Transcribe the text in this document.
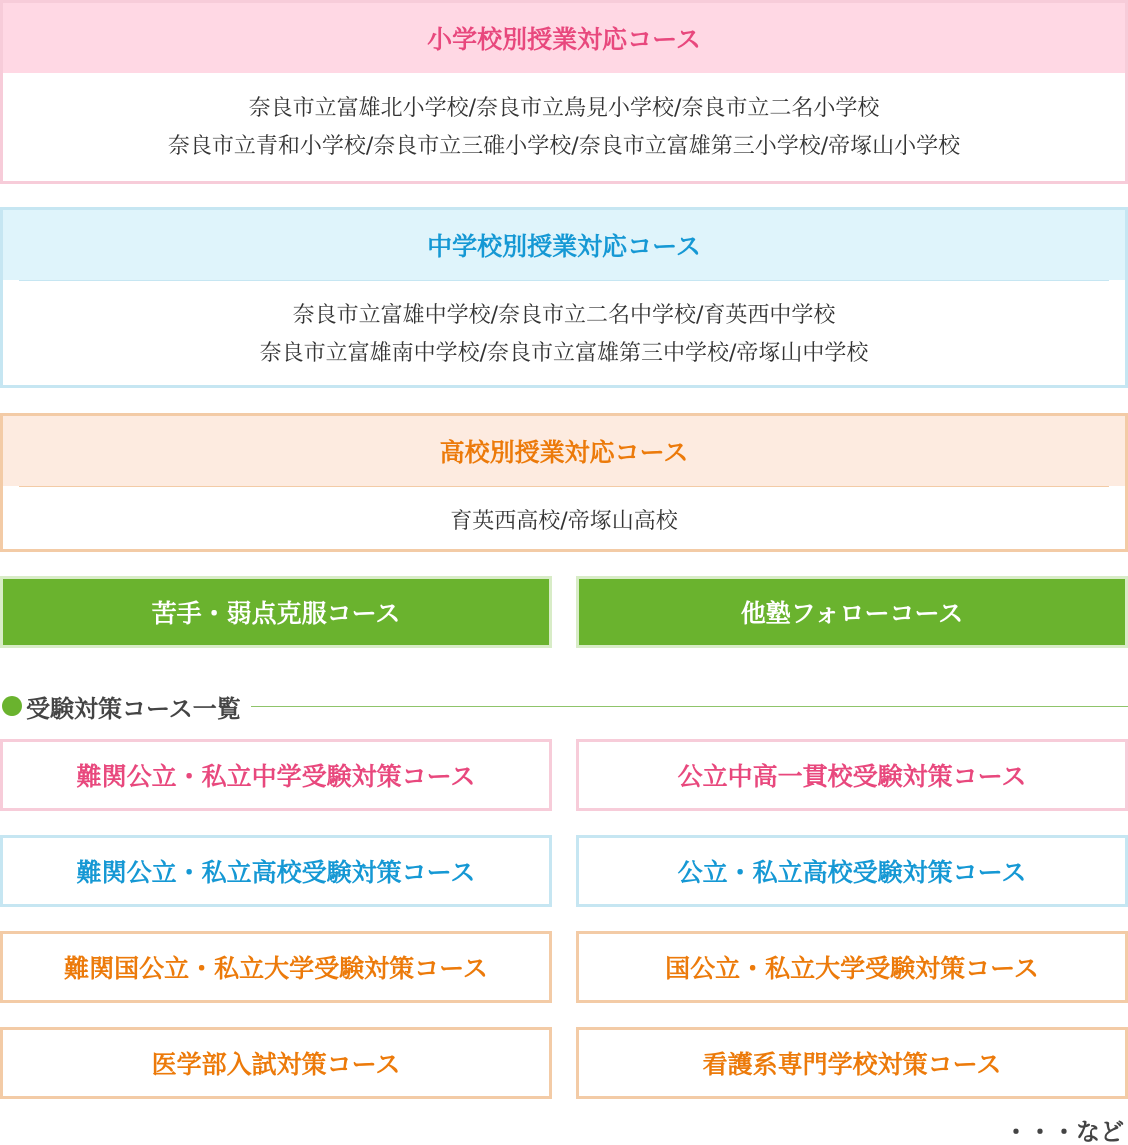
小学校別授業対応コース
奈良市立富雄北小学校/奈良市立鳥見小学校/奈良市立二名小学校
奈良市立青和小学校/奈良市立三碓小学校/奈良市立富雄第三小学校/帝塚山小学校
中学校別授業対応コース
奈良市立富雄中学校/奈良市立二名中学校/育英西中学校
奈良市立富雄南中学校/奈良市立富雄第三中学校/帝塚山中学校
高校別授業対応コース
育英西高校/帝塚山高校
苦手・弱点克服コース	他塾フォローコース
受験対策コース一覧
難関公立・私立中学受験対策コース	公立中高一貫校受験対策コース
難関公立・私立高校受験対策コース	公立・私立高校受験対策コース
難関国公立・私立大学受験対策コース	国公立・私立大学受験対策コース
医学部入試対策コース	看護系専門学校対策コース
・・・など
